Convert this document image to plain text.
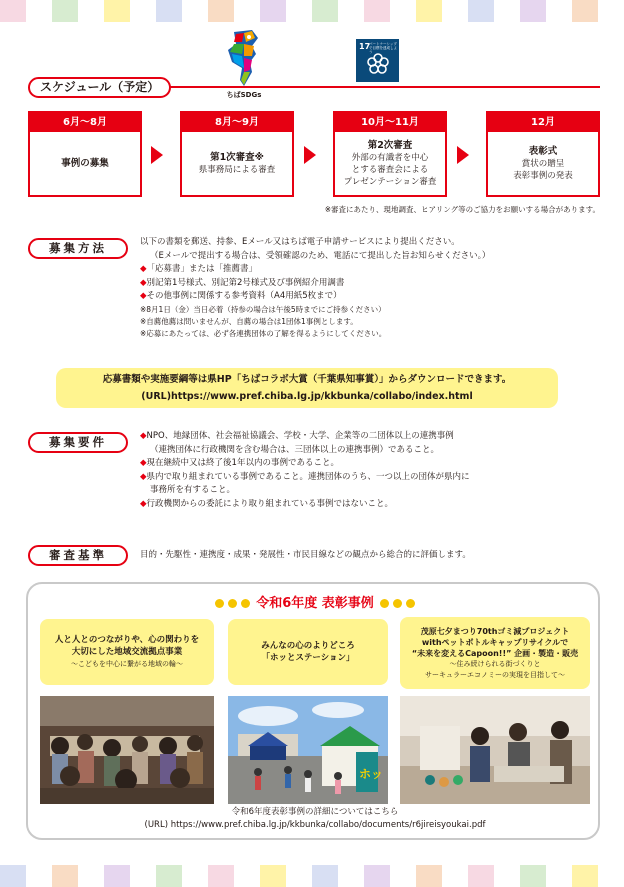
ちばSDGs
17
パートナーシップで目標を達成しよう
スケジュール（予定）
6月〜8月
事例の募集
8月〜9月
第1次審査※
県事務局による審査
10月〜11月
第2次審査
外部の有識者を中心
とする審査会による
プレゼンテーション審査
12月
表彰式
賞状の贈呈
表彰事例の発表
※審査にあたり、現地調査、ヒアリング等のご協力をお願いする場合があります。
募集方法	以下の書類を郵送、持参、Eメール又はちば電子申請サービスにより提出ください。
（Eメールで提出する場合は、受領確認のため、電話にて提出した旨お知らせください。）
◆「応募書」または「推薦書」
◆別記第1号様式、別記第2号様式及び事例紹介用調書
◆その他事例に関係する参考資料（A4用紙5枚まで）
※8月1日（金）当日必着（持参の場合は午後5時までにご持参ください）
※自薦他薦は問いませんが、自薦の場合は1団体1事例とします。
※応募にあたっては、必ず各連携団体の了解を得るようにしてください。
応募書類や実施要綱等は県HP「ちばコラボ大賞（千葉県知事賞）」からダウンロードできます。
(URL)https://www.pref.chiba.lg.jp/kkbunka/collabo/index.html
募集要件	◆NPO、地縁団体、社会福祉協議会、学校・大学、企業等の二団体以上の連携事例
（連携団体に行政機関を含む場合は、三団体以上の連携事例）であること。
◆現在継続中又は終了後1年以内の事例であること。
◆県内で取り組まれている事例であること。連携団体のうち、一つ以上の団体が県内に
事務所を有すること。
◆行政機関からの委託により取り組まれている事例ではないこと。
審査基準	目的・先駆性・連携度・成果・発展性・市民目線などの観点から総合的に評価します。
令和6年度 表彰事例
人と人とのつながりや、心の関わりを
大切にした地域交流拠点事業
〜こどもを中心に繋がる地域の輪〜
みんなの心のよりどころ
「ホッとステーション」
茂原七夕まつり70thゴミ減プロジェクト
withペットボトルキャップリサイクルで
“未来を変えるCapoon!!” 企画・製造・販売
〜住み続けられる街づくりと
サーキュラーエコノミーの実現を目指して〜
ホッ
令和6年度表彰事例の詳細についてはこちら
(URL) https://www.pref.chiba.lg.jp/kkbunka/collabo/documents/r6jireisyoukai.pdf
